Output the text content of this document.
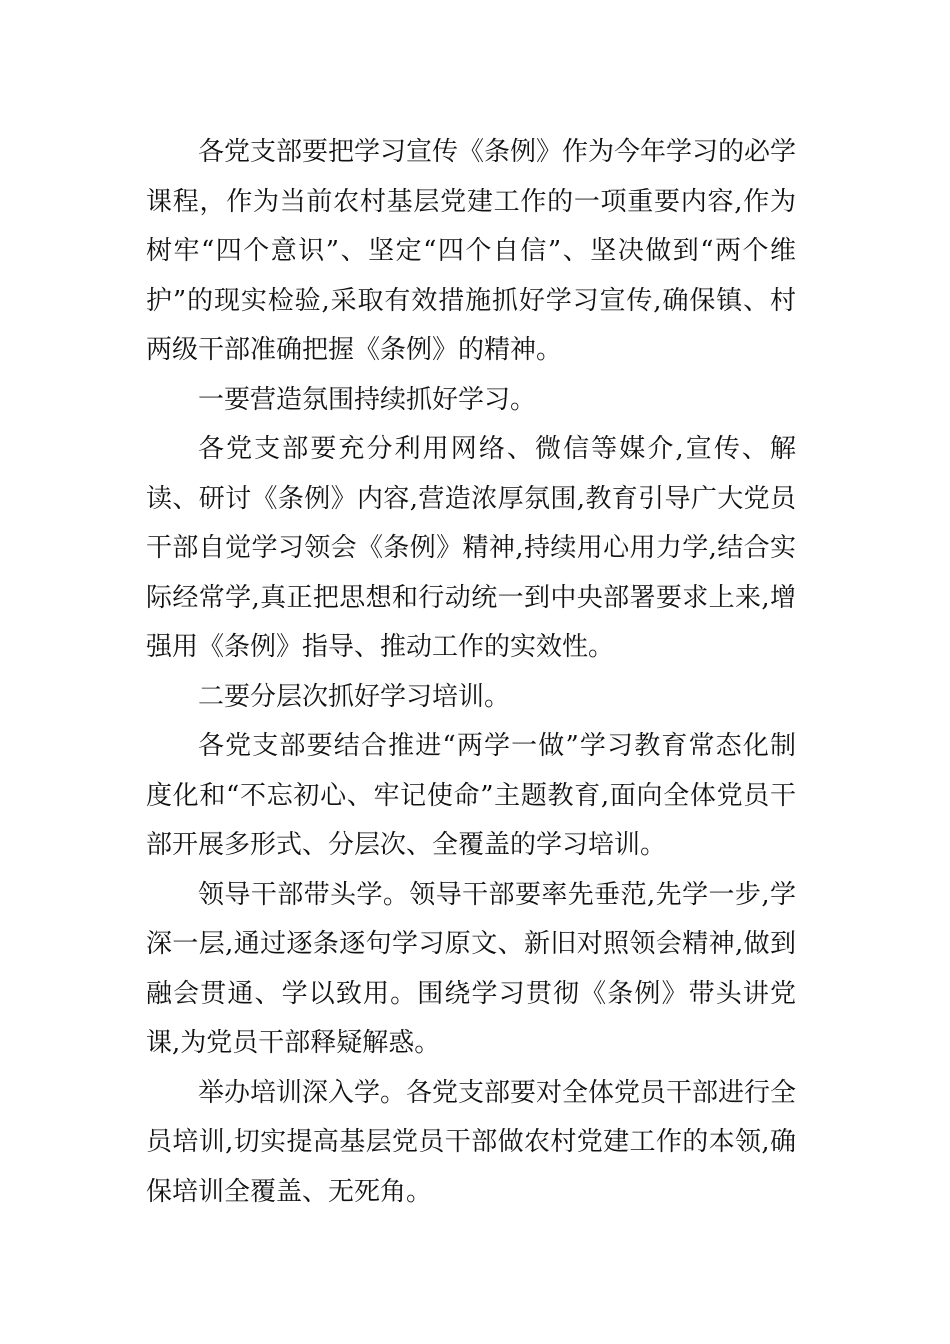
各党支部要把学习宣传《条例》作为今年学习的必学课程，作为当前农村基层党建工作的一项重要内容,作为树牢“四个意识”、坚定“四个自信”、坚决做到“两个维护”的现实检验,采取有效措施抓好学习宣传,确保镇、村两级干部准确把握《条例》的精神。

一要营造氛围持续抓好学习。

各党支部要充分利用网络、微信等媒介,宣传、解读、研讨《条例》内容,营造浓厚氛围,教育引导广大党员干部自觉学习领会《条例》精神,持续用心用力学,结合实际经常学,真正把思想和行动统一到中央部署要求上来,增强用《条例》指导、推动工作的实效性。

二要分层次抓好学习培训。

各党支部要结合推进“两学一做”学习教育常态化制度化和“不忘初心、牢记使命”主题教育,面向全体党员干部开展多形式、分层次、全覆盖的学习培训。

领导干部带头学。领导干部要率先垂范,先学一步,学深一层,通过逐条逐句学习原文、新旧对照领会精神,做到融会贯通、学以致用。围绕学习贯彻《条例》带头讲党课,为党员干部释疑解惑。

举办培训深入学。各党支部要对全体党员干部进行全员培训,切实提高基层党员干部做农村党建工作的本领,确保培训全覆盖、无死角。
